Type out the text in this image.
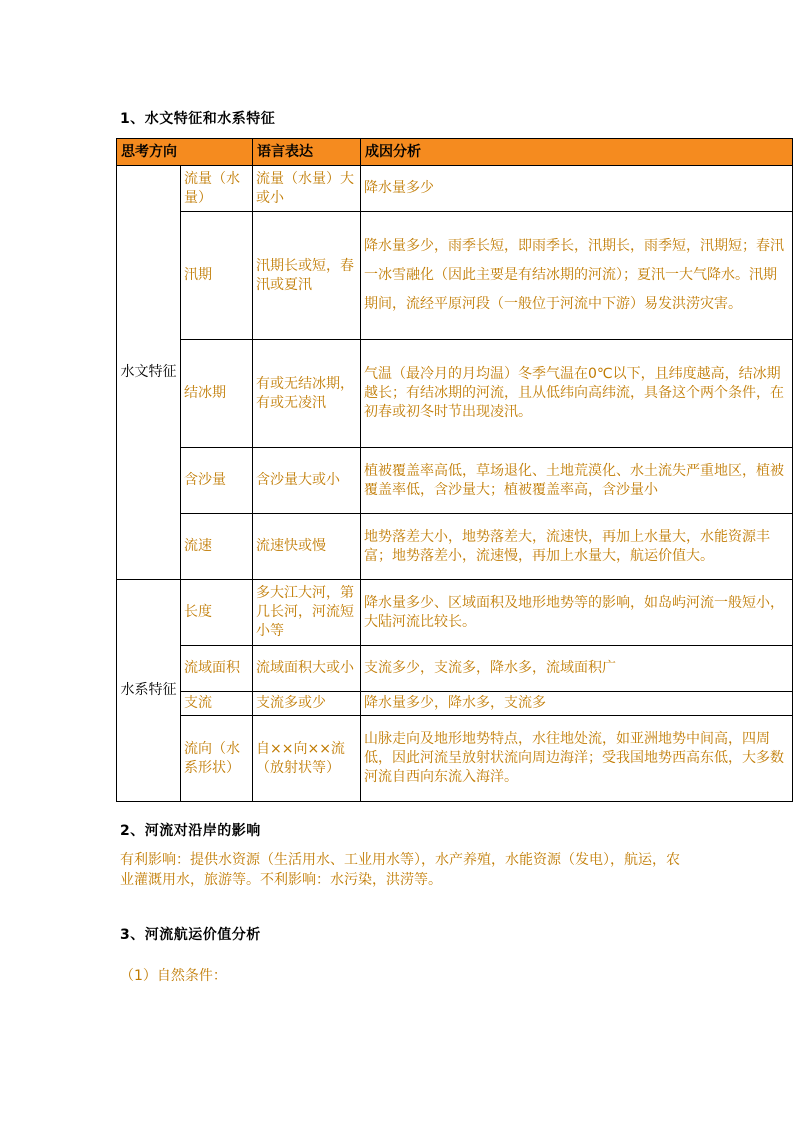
1、水文特征和水系特征
思考方向		语言表达	成因分析
水文特征	流量（水量）	流量（水量）大或小	降水量多少
	汛期	汛期长或短，春汛或夏汛	降水量多少，雨季长短，即雨季长，汛期长，雨季短，汛期短；春汛一冰雪融化（因此主要是有结冰期的河流）；夏汛一大气降水。汛期期间，流经平原河段（一般位于河流中下游）易发洪涝灾害。
	结冰期	有或无结冰期，有或无凌汛	气温（最冷月的月均温）冬季气温在0℃以下，且纬度越高，结冰期越长；有结冰期的河流，且从低纬向高纬流，具备这个两个条件，在初春或初冬时节出现凌汛。
	含沙量	含沙量大或小	植被覆盖率高低，草场退化、土地荒漠化、水土流失严重地区，植被覆盖率低，含沙量大；植被覆盖率高，含沙量小
	流速	流速快或慢	地势落差大小，地势落差大，流速快，再加上水量大，水能资源丰富；地势落差小，流速慢，再加上水量大，航运价值大。
水系特征	长度	多大江大河，第几长河，河流短小等	降水量多少、区域面积及地形地势等的影响，如岛屿河流一般短小，大陆河流比较长。
	流域面积	流域面积大或小	支流多少，支流多，降水多，流域面积广
	支流	支流多或少	降水量多少，降水多，支流多
	流向（水系形状）	自××向××流（放射状等）	山脉走向及地形地势特点，水往地处流，如亚洲地势中间高，四周低，因此河流呈放射状流向周边海洋；受我国地势西高东低，大多数河流自西向东流入海洋。
2、河流对沿岸的影响
有利影响：提供水资源（生活用水、工业用水等），水产养殖，水能资源（发电），航运，农业灌溉用水，旅游等。不利影响：水污染，洪涝等。
3、河流航运价值分析
（1）自然条件：
